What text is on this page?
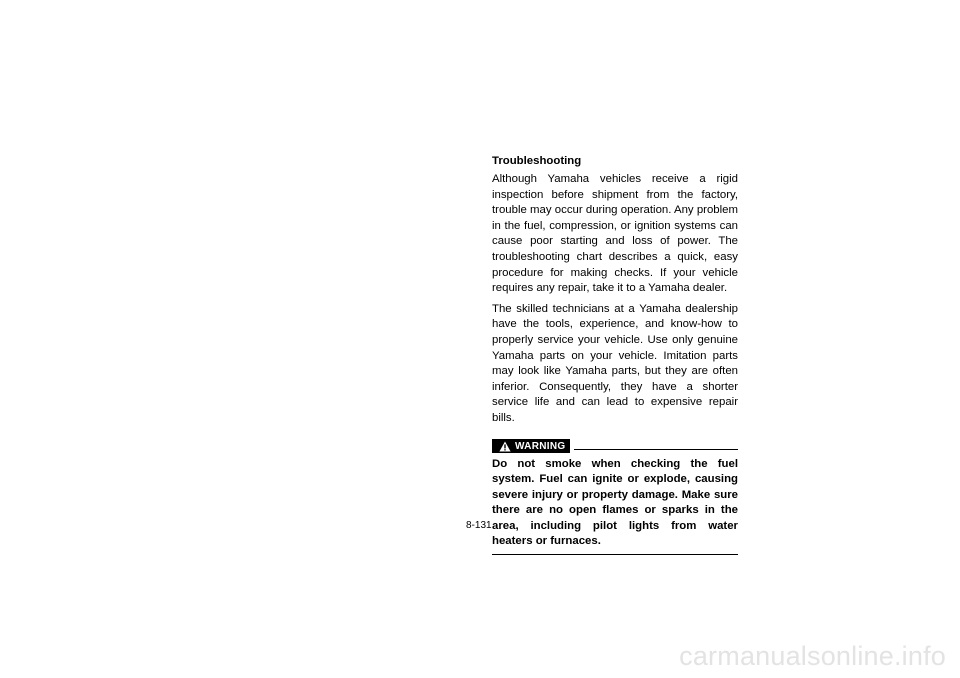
Troubleshooting

Although Yamaha vehicles receive a rigid inspection before shipment from the factory, trouble may occur during operation. Any problem in the fuel, compression, or ignition systems can cause poor starting and loss of power. The troubleshooting chart describes a quick, easy procedure for making checks. If your vehicle requires any repair, take it to a Yamaha dealer.

The skilled technicians at a Yamaha dealership have the tools, experience, and know-how to properly service your vehicle. Use only genuine Yamaha parts on your vehicle. Imitation parts may look like Yamaha parts, but they are often inferior. Consequently, they have a shorter service life and can lead to expensive repair bills.

WARNING

Do not smoke when checking the fuel system. Fuel can ignite or explode, causing severe injury or property damage. Make sure there are no open flames or sparks in the area, including pilot lights from water heaters or furnaces.

8-131
carmanualsonline.info
